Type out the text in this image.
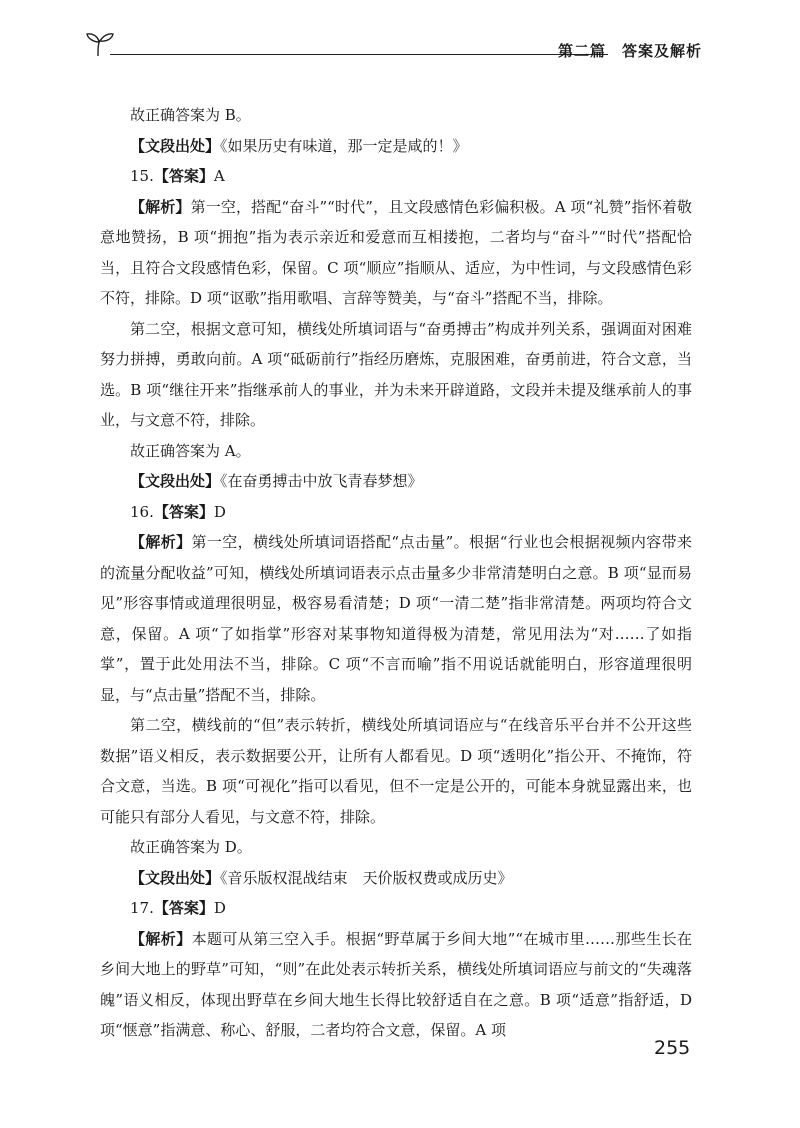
第二篇　答案及解析

故正确答案为 B。

【文段出处】《如果历史有味道，那一定是咸的！》

15.【答案】A

【解析】第一空，搭配“奋斗”“时代”，且文段感情色彩偏积极。A 项“礼赞”指怀着敬意地赞扬，B 项“拥抱”指为表示亲近和爱意而互相搂抱，二者均与“奋斗”“时代”搭配恰当，且符合文段感情色彩，保留。C 项“顺应”指顺从、适应，为中性词，与文段感情色彩不符，排除。D 项“讴歌”指用歌唱、言辞等赞美，与“奋斗”搭配不当，排除。

第二空，根据文意可知，横线处所填词语与“奋勇搏击”构成并列关系，强调面对困难努力拼搏，勇敢向前。A 项“砥砺前行”指经历磨炼，克服困难，奋勇前进，符合文意，当选。B 项“继往开来”指继承前人的事业，并为未来开辟道路，文段并未提及继承前人的事业，与文意不符，排除。

故正确答案为 A。

【文段出处】《在奋勇搏击中放飞青春梦想》

16.【答案】D

【解析】第一空，横线处所填词语搭配“点击量”。根据“行业也会根据视频内容带来的流量分配收益”可知，横线处所填词语表示点击量多少非常清楚明白之意。B 项“显而易见”形容事情或道理很明显，极容易看清楚；D 项“一清二楚”指非常清楚。两项均符合文意，保留。A 项“了如指掌”形容对某事物知道得极为清楚，常见用法为“对……了如指掌”，置于此处用法不当，排除。C 项“不言而喻”指不用说话就能明白，形容道理很明显，与“点击量”搭配不当，排除。

第二空，横线前的“但”表示转折，横线处所填词语应与“在线音乐平台并不公开这些数据”语义相反，表示数据要公开，让所有人都看见。D 项“透明化”指公开、不掩饰，符合文意，当选。B 项“可视化”指可以看见，但不一定是公开的，可能本身就显露出来，也可能只有部分人看见，与文意不符，排除。

故正确答案为 D。

【文段出处】《音乐版权混战结束　天价版权费或成历史》

17.【答案】D

【解析】本题可从第三空入手。根据“野草属于乡间大地”“在城市里……那些生长在乡间大地上的野草”可知，“则”在此处表示转折关系，横线处所填词语应与前文的“失魂落魄”语义相反，体现出野草在乡间大地生长得比较舒适自在之意。B 项“适意”指舒适，D 项“惬意”指满意、称心、舒服，二者均符合文意，保留。A 项

255
